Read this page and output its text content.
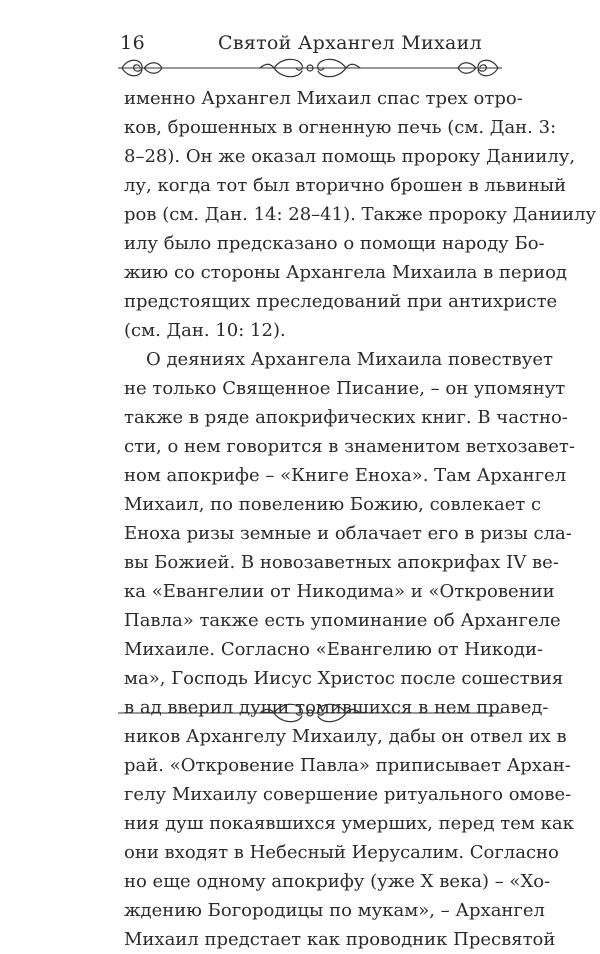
16	Святой Архангел Михаил
именно Архангел Михаил спас трех отро-
ков, брошенных в огненную печь (см. Дан. 3:
8–28). Он же оказал помощь пророку Даниилу,
лу, когда тот был вторично брошен в львиный
ров (см. Дан. 14: 28–41). Также пророку Даниилу
илу было предсказано о помощи народу Бо-
жию со стороны Архангела Михаила в период
предстоящих преследований при антихристе
(см. Дан. 10: 12).
О деяниях Архангела Михаила повествует
не только Священное Писание, – он упомянут
также в ряде апокрифических книг. В частно-
сти, о нем говорится в знаменитом ветхозавет-
ном апокрифе – «Книге Еноха». Там Архангел
Михаил, по повелению Божию, совлекает с
Еноха ризы земные и облачает его в ризы сла-
вы Божией. В новозаветных апокрифах IV ве-
ка «Евангелии от Никодима» и «Откровении
Павла» также есть упоминание об Архангеле
Михаиле. Согласно «Евангелию от Никоди-
ма», Господь Иисус Христос после сошествия
в ад вверил души томившихся в нем правед-
ников Архангелу Михаилу, дабы он отвел их в
рай. «Откровение Павла» приписывает Архан-
гелу Михаилу совершение ритуального омове-
ния душ покаявшихся умерших, перед тем как
они входят в Небесный Иерусалим. Согласно
но еще одному апокрифу (уже X века) – «Хо-
ждению Богородицы по мукам», – Архангел
Михаил предстает как проводник Пресвятой
